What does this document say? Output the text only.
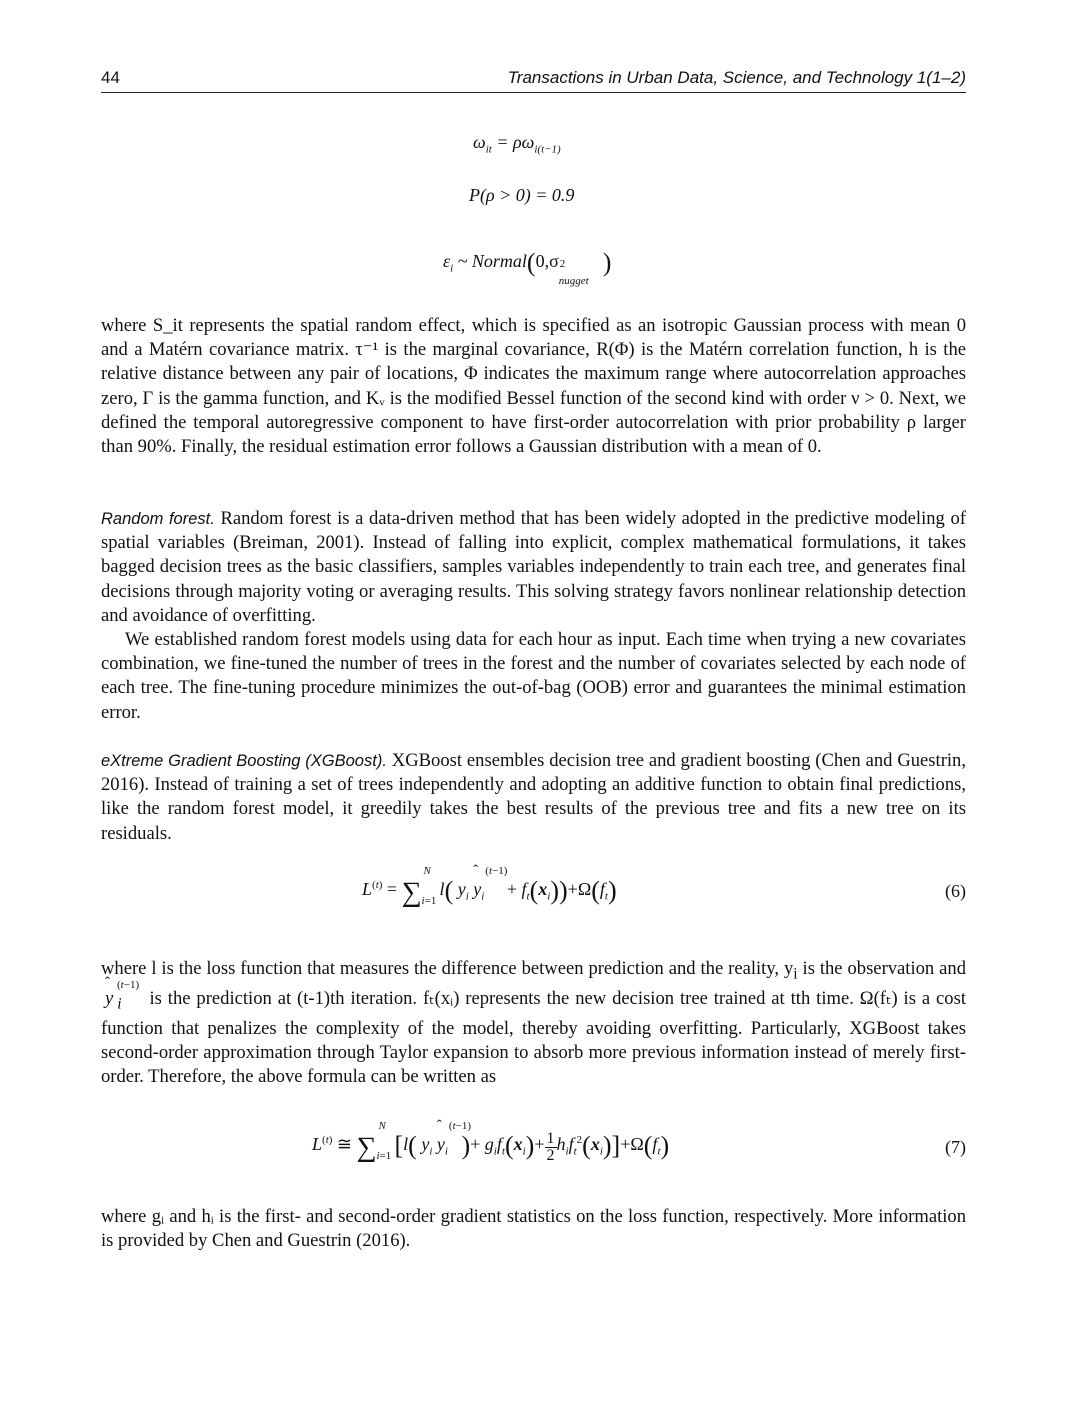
44	Transactions in Urban Data, Science, and Technology 1(1–2)
$\omega_{it} = \rho\omega_{i(t-1)}$
P(ρ > 0) = 0.9
$\varepsilon_i$ ~ Normal(0,σ 2
nugget
)
where S_it represents the spatial random effect, which is specified as an isotropic Gaussian process with mean 0 and a Matérn covariance matrix. τ⁻¹ is the marginal covariance, R(Φ) is the Matérn correlation function, h is the relative distance between any pair of locations, Φ indicates the maximum range where autocorrelation approaches zero, Γ is the gamma function, and Kᵥ is the modified Bessel function of the second kind with order ν > 0. Next, we defined the temporal autoregressive component to have first-order autocorrelation with prior probability ρ larger than 90%. Finally, the residual estimation error follows a Gaussian distribution with a mean of 0.
Random forest. Random forest is a data-driven method that has been widely adopted in the predictive modeling of spatial variables (Breiman, 2001). Instead of falling into explicit, complex mathematical formulations, it takes bagged decision trees as the basic classifiers, samples variables independently to train each tree, and generates final decisions through majority voting or averaging results. This solving strategy favors nonlinear relationship detection and avoidance of overfitting.
We established random forest models using data for each hour as input. Each time when trying a new covariates combination, we fine-tuned the number of trees in the forest and the number of covariates selected by each node of each tree. The fine-tuning procedure minimizes the out-of-bag (OOB) error and guarantees the minimal estimation error.
eXtreme Gradient Boosting (XGBoost). XGBoost ensembles decision tree and gradient boosting (Chen and Guestrin, 2016). Instead of training a set of trees independently and adopting an additive function to obtain final predictions, like the random forest model, it greedily takes the best results of the previous tree and fits a new tree on its residuals.
$L^{(t)}$ = ∑
N
i=1
l( $y_i$ y
ˆ (t−1)
$_i$     + $f_t(x_i))+\Omega(f_t)$	(6)
where l is the loss function that measures the difference between prediction and the reality, $y_i$ is the observation and y
ˆ (t−1)
$_i$ is the prediction at (t-1)th iteration. fₜ(xᵢ) represents the new decision tree trained at tth time. Ω(fₜ) is a cost function that penalizes the complexity of the model, thereby avoiding overfitting. Particularly, XGBoost takes second-order approximation through Taylor expansion to absorb more previous information instead of merely first-order. Therefore, the above formula can be written as
$L^{(t)}$ ≅ ∑
N
i=1 [l( $y_i$ y
ˆ (t−1)
$_i$ )+ $g_if_t(x_i)+ 1$
$2h_if_t^2(x_i)]+\Omega(f_t)$	(7)
where gᵢ and hᵢ is the first- and second-order gradient statistics on the loss function, respectively. More information is provided by Chen and Guestrin (2016).
